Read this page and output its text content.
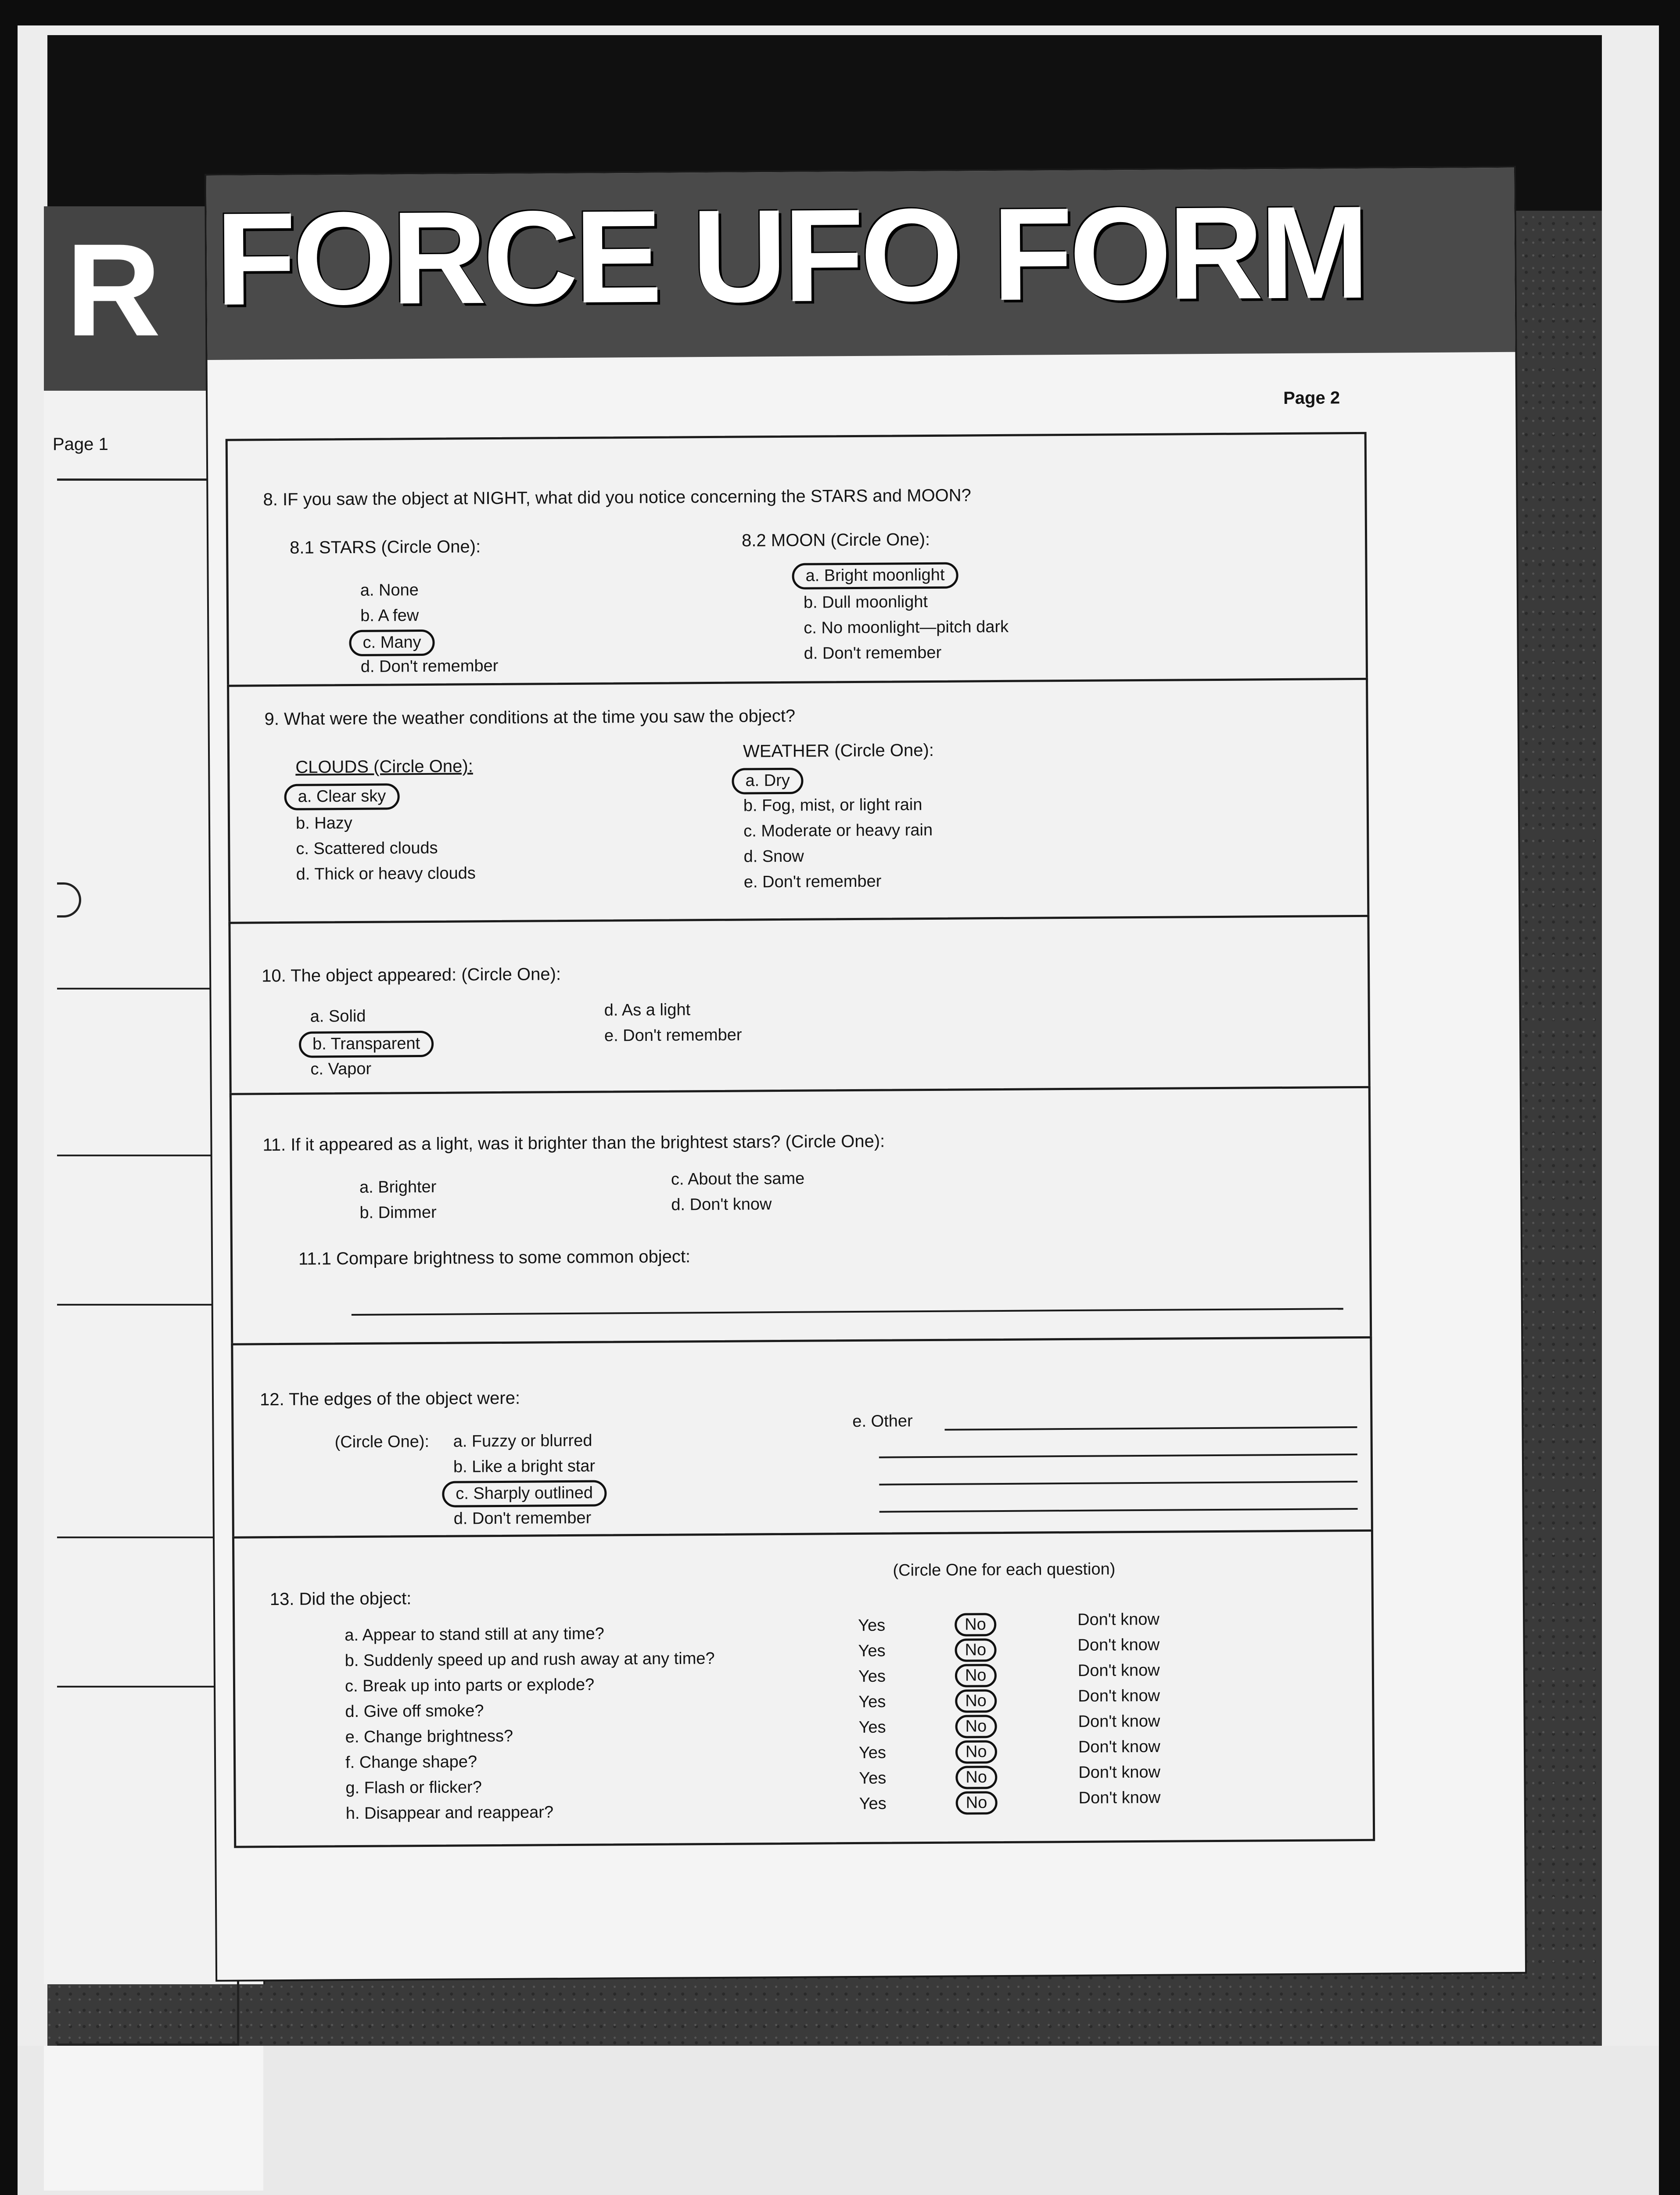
R
Page 1
FORCE UFO FORM
Page 2
8. IF you saw the object at NIGHT, what did you notice concerning the STARS and MOON?
8.1 STARS (Circle One):
a. None
b. A few
c. Many
d. Don't remember
8.2 MOON (Circle One):
a. Bright moonlight
b. Dull moonlight
c. No moonlight—pitch dark
d. Don't remember
9. What were the weather conditions at the time you saw the object?
CLOUDS (Circle One):
a. Clear sky
b. Hazy
c. Scattered clouds
d. Thick or heavy clouds
WEATHER (Circle One):
a. Dry
b. Fog, mist, or light rain
c. Moderate or heavy rain
d. Snow
e. Don't remember
10. The object appeared: (Circle One):
a. Solid
b. Transparent
c. Vapor
d. As a light
e. Don't remember
11. If it appeared as a light, was it brighter than the brightest stars? (Circle One):
a. Brighter
b. Dimmer
c. About the same
d. Don't know
11.1 Compare brightness to some common object:
12. The edges of the object were:
(Circle One): a. Fuzzy or blurred
b. Like a bright star
c. Sharply outlined
d. Don't remember
e. Other
13. Did the object:
(Circle One for each question)
a. Appear to stand still at any time?	Yes	No	Don't know
b. Suddenly speed up and rush away at any time?	Yes	No	Don't know
c. Break up into parts or explode?	Yes	No	Don't know
d. Give off smoke?	Yes	No	Don't know
e. Change brightness?	Yes	No	Don't know
f. Change shape?	Yes	No	Don't know
g. Flash or flicker?	Yes	No	Don't know
h. Disappear and reappear?	Yes	No	Don't know
